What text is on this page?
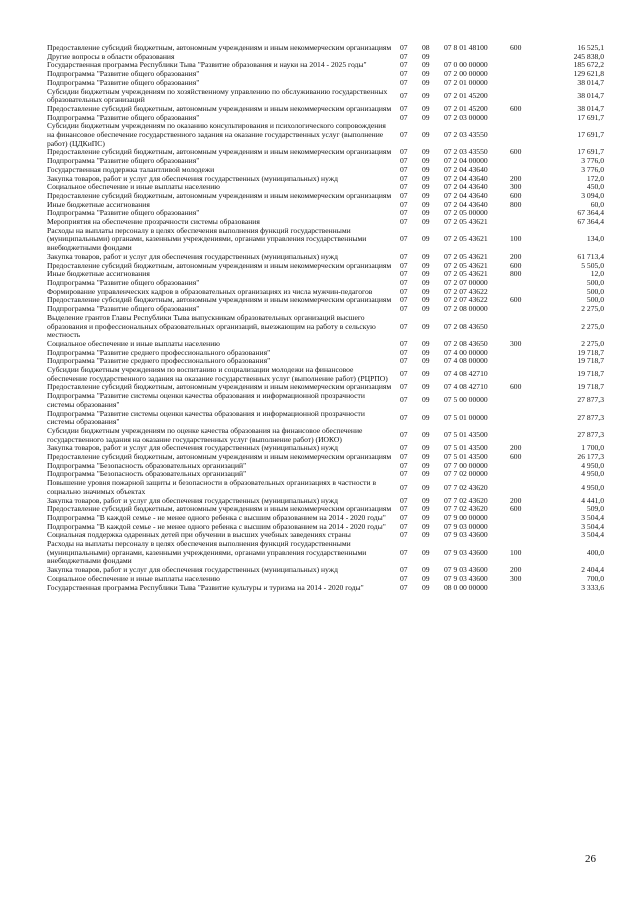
Предоставление субсидий бюджетным, автономным учреждениям и иным некоммерческим организациям	07	08	07 8 01 48100	600	16 525,1
Другие вопросы в области образования	07	09	245 838,0
Государственная программа Республики Тыва "Развитие образования и науки на 2014 - 2025 годы"	07	09	07 0 00 00000	185 672,2
Подпрограмма "Развитие общего образования"	07	09	07 2 00 00000	129 621,8
Подпрограмма "Развитие общего образования"	07	09	07 2 01 00000	38 014,7
Субсидии бюджетным учреждениям по хозяйственному управлению по обслуживанию государственных образовательных организаций	07	09	07 2 01 45200	38 014,7
Предоставление субсидий бюджетным, автономным учреждениям и иным некоммерческим организациям	07	09	07 2 01 45200	600	38 014,7
Подпрограмма "Развитие общего образования"	07	09	07 2 03 00000	17 691,7
Субсидии бюджетным учреждениям по оказанию консультирования и психологического сопровождения на финансовое обеспечение государственного задания на оказание государственных услуг (выполнение работ) (ЦДКиПС)
07	09	07 2 03 43550	17 691,7
Предоставление субсидий бюджетным, автономным учреждениям и иным некоммерческим организациям	07	09	07 2 03 43550	600	17 691,7
Подпрограмма "Развитие общего образования"	07	09	07 2 04 00000	3 776,0
Государственная поддержка талантливой молодежи	07	09	07 2 04 43640	3 776,0
Закупка товаров, работ и услуг для обеспечения государственных (муниципальных) нужд	07	09	07 2 04 43640	200	172,0
Социальное обеспечение и иные выплаты населению	07	09	07 2 04 43640	300	450,0
Предоставление субсидий бюджетным, автономным учреждениям и иным некоммерческим организациям	07	09	07 2 04 43640	600	3 094,0
Иные бюджетные ассигнования	07	09	07 2 04 43640	800	60,0
Подпрограмма "Развитие общего образования"	07	09	07 2 05 00000	67 364,4
Мероприятия на обеспечение прозрачности системы образования	07	09	07 2 05 43621	67 364,4
Расходы на выплаты персоналу в целях обеспечения выполнения функций государственными (муниципальными) органами, казенными учреждениями, органами управления государственными внебюджетными фондами
07	09	07 2 05 43621	100	134,0
Закупка товаров, работ и услуг для обеспечения государственных (муниципальных) нужд	07	09	07 2 05 43621	200	61 713,4
Предоставление субсидий бюджетным, автономным учреждениям и иным некоммерческим организациям	07	09	07 2 05 43621	600	5 505,0
Иные бюджетные ассигнования	07	09	07 2 05 43621	800	12,0
Подпрограмма "Развитие общего образования"	07	09	07 2 07 00000	500,0
Формирование управленческих кадров в образовательных организациях из числа мужчин-педагогов	07	09	07 2 07 43622	500,0
Предоставление субсидий бюджетным, автономным учреждениям и иным некоммерческим организациям	07	09	07 2 07 43622	600	500,0
Подпрограмма "Развитие общего образования"	07	09	07 2 08 00000	2 275,0
Выделение грантов Главы Республики Тыва выпускникам образовательных организаций высшего образования и профессиональных образовательных организаций, выезжающим на работу в сельскую местность
07	09	07 2 08 43650	2 275,0
Социальное обеспечение и иные выплаты населению	07	09	07 2 08 43650	300	2 275,0
Подпрограмма "Развитие среднего профессионального образования"	07	09	07 4 00 00000	19 718,7
Подпрограмма "Развитие среднего профессионального образования"	07	09	07 4 08 00000	19 718,7
Субсидии бюджетным учреждениям по воспитанию и социализации молодежи на финансовое обеспечение государственного задания на оказание государственных услуг (выполнение работ) (РЦРПО)	07	09	07 4 08 42710	19 718,7
Предоставление субсидий бюджетным, автономным учреждениям и иным некоммерческим организациям	07	09	07 4 08 42710	600	19 718,7
Подпрограмма "Развитие системы оценки качества образования и информационной прозрачности системы образования"	07	09	07 5 00 00000	27 877,3
Подпрограмма "Развитие системы оценки качества образования и информационной прозрачности системы образования"	07	09	07 5 01 00000	27 877,3
Субсидии бюджетным учреждениям по оценке качества образования на финансовое обеспечение государственного задания на оказание государственных услуг (выполнение работ) (ИОКО)	07	09	07 5 01 43500	27 877,3
Закупка товаров, работ и услуг для обеспечения государственных (муниципальных) нужд	07	09	07 5 01 43500	200	1 700,0
Предоставление субсидий бюджетным, автономным учреждениям и иным некоммерческим организациям	07	09	07 5 01 43500	600	26 177,3
Подпрограмма "Безопасность образовательных организаций"	07	09	07 7 00 00000	4 950,0
Подпрограмма "Безопасность образовательных организаций"	07	09	07 7 02 00000	4 950,0
Повышение уровня пожарной защиты и безопасности в образовательных организациях в частности в социально значимых объектах	07	09	07 7 02 43620	4 950,0
Закупка товаров, работ и услуг для обеспечения государственных (муниципальных) нужд	07	09	07 7 02 43620	200	4 441,0
Предоставление субсидий бюджетным, автономным учреждениям и иным некоммерческим организациям	07	09	07 7 02 43620	600	509,0
Подпрограмма "В каждой семье - не менее одного ребенка с высшим образованием на 2014 - 2020 годы"	07	09	07 9 00 00000	3 504,4
Подпрограмма "В каждой семье - не менее одного ребенка с высшим образованием на 2014 - 2020 годы"	07	09	07 9 03 00000	3 504,4
Социальная поддержка одаренных детей при обучении в высших учебных заведениях страны	07	09	07 9 03 43600	3 504,4
Расходы на выплаты персоналу в целях обеспечения выполнения функций государственными (муниципальными) органами, казенными учреждениями, органами управления государственными внебюджетными фондами
07	09	07 9 03 43600	100	400,0
Закупка товаров, работ и услуг для обеспечения государственных (муниципальных) нужд	07	09	07 9 03 43600	200	2 404,4
Социальное обеспечение и иные выплаты населению	07	09	07 9 03 43600	300	700,0
Государственная программа Республики Тыва "Развитие культуры и туризма на 2014 - 2020 годы"	07	09	08 0 00 00000	3 333,6
26
